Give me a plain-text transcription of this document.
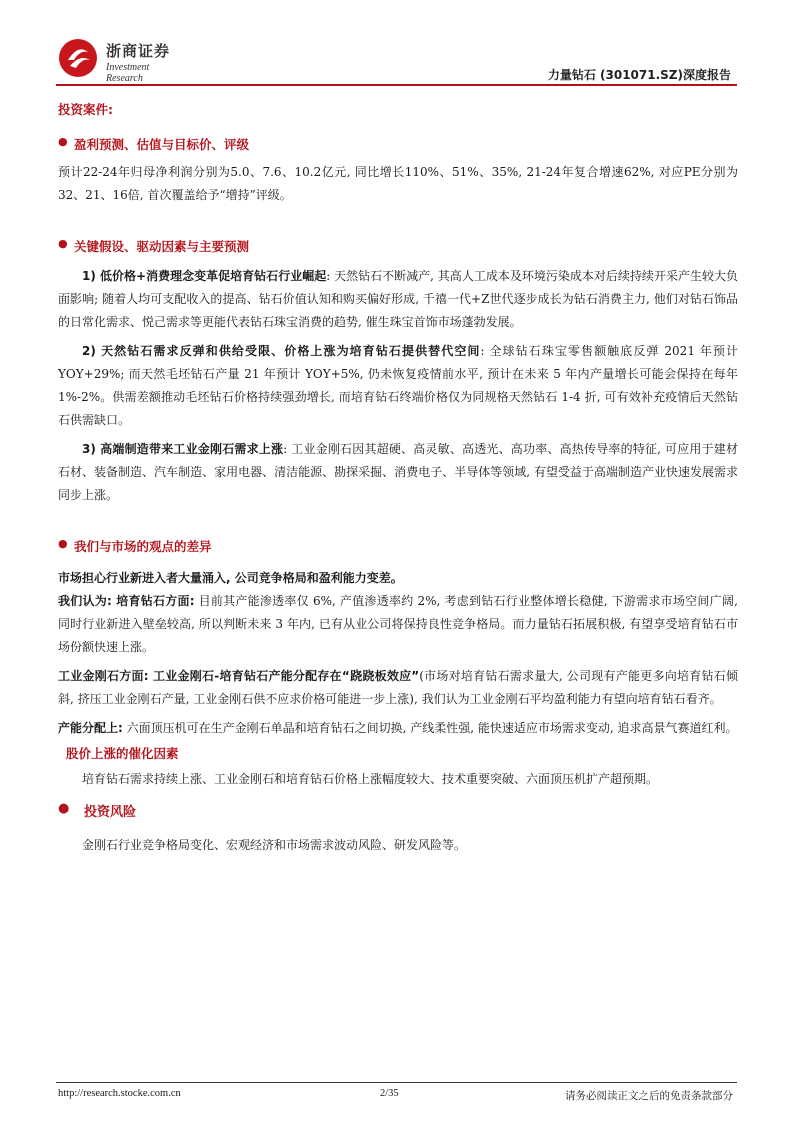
浙商证券
Investment Research	力量钻石 (301071.SZ)深度报告
投资案件:
● 盈利预测、估值与目标价、评级

预计22-24年归母净利润分别为5.0、7.6、10.2亿元, 同比增长110%、51%、35%, 21-24年复合增速62%, 对应PE分别为32、21、16倍, 首次覆盖给予“增持”评级。

● 关键假设、驱动因素与主要预测

1) 低价格+消费理念变革促培育钻石行业崛起: 天然钻石不断减产, 其高人工成本及环境污染成本对后续持续开采产生较大负面影响; 随着人均可支配收入的提高、钻石价值认知和购买偏好形成, 千禧一代+Z世代逐步成长为钻石消费主力, 他们对钻石饰品的日常化需求、悦己需求等更能代表钻石珠宝消费的趋势, 催生珠宝首饰市场蓬勃发展。

2) 天然钻石需求反弹和供给受限、价格上涨为培育钻石提供替代空间: 全球钻石珠宝零售额触底反弹 2021 年预计 YOY+29%; 而天然毛坯钻石产量 21 年预计 YOY+5%, 仍未恢复疫情前水平, 预计在未来 5 年内产量增长可能会保持在每年 1%-2%。供需差额推动毛坯钻石价格持续强劲增长, 而培育钻石终端价格仅为同规格天然钻石 1-4 折, 可有效补充疫情后天然钻石供需缺口。

3) 高端制造带来工业金刚石需求上涨: 工业金刚石因其超硬、高灵敏、高透光、高功率、高热传导率的特征, 可应用于建材石材、装备制造、汽车制造、家用电器、清洁能源、勘探采掘、消费电子、半导体等领域, 有望受益于高端制造产业快速发展需求同步上涨。

● 我们与市场的观点的差异

市场担心行业新进入者大量涌入, 公司竞争格局和盈利能力变差。

我们认为: 培育钻石方面: 目前其产能渗透率仅 6%, 产值渗透率约 2%, 考虑到钻石行业整体增长稳健, 下游需求市场空间广阔, 同时行业新进入壁垒较高, 所以判断未来 3 年内, 已有从业公司将保持良性竞争格局。而力量钻石拓展积极, 有望享受培育钻石市场份额快速上涨。

工业金刚石方面: 工业金刚石-培育钻石产能分配存在“跷跷板效应”(市场对培育钻石需求量大, 公司现有产能更多向培育钻石倾斜, 挤压工业金刚石产量, 工业金刚石供不应求价格可能进一步上涨), 我们认为工业金刚石平均盈利能力有望向培育钻石看齐。

产能分配上: 六面顶压机可在生产金刚石单晶和培育钻石之间切换, 产线柔性强, 能快速适应市场需求变动, 追求高景气赛道红利。

股价上涨的催化因素

培育钻石需求持续上涨、工业金刚石和培育钻石价格上涨幅度较大、技术重要突破、六面顶压机扩产超预期。

● 投资风险

金刚石行业竞争格局变化、宏观经济和市场需求波动风险、研发风险等。

http://research.stocke.com.cn	2/35	请务必阅读正文之后的免责条款部分
